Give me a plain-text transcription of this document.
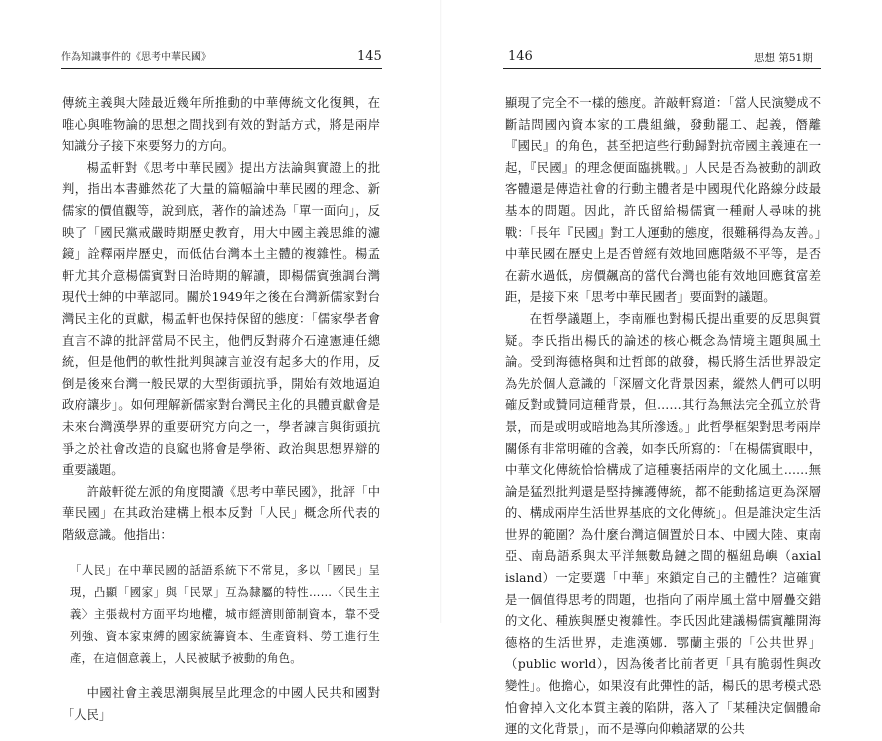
作為知識事件的《思考中華民國》	145

傳統主義與大陸最近幾年所推動的中華傳統文化復興，在唯心與唯物論的思想之間找到有效的對話方式，將是兩岸知識分子接下來要努力的方向。

楊孟軒對《思考中華民國》提出方法論與實證上的批判，指出本書雖然花了大量的篇幅論中華民國的理念、新儒家的價值觀等，說到底，著作的論述為「單一面向」，反映了「國民黨戒嚴時期歷史教育，用大中國主義思維的濾鏡」詮釋兩岸歷史，而低估台灣本土主體的複雜性。楊孟軒尤其介意楊儒賓對日治時期的解讀，即楊儒賓強調台灣現代士紳的中華認同。關於1949年之後在台灣新儒家對台灣民主化的貢獻，楊孟軒也保持保留的態度：「儒家學者會直言不諱的批評當局不民主，他們反對蔣介石違憲連任總統，但是他們的軟性批判與諫言並沒有起多大的作用，反倒是後來台灣一般民眾的大型街頭抗爭，開始有效地逼迫政府讓步」。如何理解新儒家對台灣民主化的具體貢獻會是未來台灣漢學界的重要研究方向之一，學者諫言與街頭抗爭之於社會改造的良窳也將會是學術、政治與思想界辯的重要議題。

許敲軒從左派的角度閱讀《思考中華民國》，批評「中華民國」在其政治建構上根本反對「人民」概念所代表的階級意識。他指出：

「人民」在中華民國的話語系統下不常見，多以「國民」呈現，凸顯「國家」與「民眾」互為隸屬的特性……〈民生主義〉主張裁村方面平均地權，城市經濟則節制資本，靠不受列強、資本家束縛的國家統籌資本、生產資料、勞工進行生產，在這個意義上，人民被賦予被動的角色。

中國社會主義思潮與展呈此理念的中國人民共和國對「人民」

146	思想 第51期

顯現了完全不一樣的態度。許敲軒寫道：「當人民演變成不斷詰問國內資本家的工農組織，發動罷工、起義，僭離『國民』的角色，甚至把這些行動歸對抗帝國主義連在一起，『民國』的理念便面臨挑戰。」人民是否為被動的訓政客體還是傳造社會的行動主體者是中國現代化路線分歧最基本的問題。因此，許氏留給楊儒賓一種耐人尋味的挑戰：「長年『民國』對工人運動的態度，很難稱得為友善。」中華民國在歷史上是否曾經有效地回應階級不平等，是否在薪水過低，房價飆高的當代台灣也能有效地回應貧富差距，是接下來「思考中華民國者」要面對的議題。

在哲學議題上，李南雁也對楊氏提出重要的反思與質疑。李氏指出楊氏的論述的核心概念為情境主題與風土論。受到海德格與和辻哲郎的啟發，楊氏將生活世界設定為先於個人意識的「深層文化背景因素，縱然人們可以明確反對或贊同這種背景，但……其行為無法完全孤立於背景，而是或明或暗地為其所滲透。」此哲學框架對思考兩岸關係有非常明確的含義，如李氏所寫的：「在楊儒賓眼中，中華文化傳統恰恰構成了這種裹括兩岸的文化風土……無論是猛烈批判還是堅持擁護傳統，都不能動搖這更為深層的、構成兩岸生活世界基底的文化傳統」。但是誰決定生活世界的範圍？為什麼台灣這個置於日本、中國大陸、東南亞、南島語系與太平洋無數島鏈之間的樞紐島嶼（axial island）一定要選「中華」來鎖定自己的主體性？這確實是一個值得思考的問題，也指向了兩岸風土當中層疊交錯的文化、種族與歷史複雜性。李氏因此建議楊儒賓離開海德格的生活世界，走進漢娜．鄂蘭主張的「公共世界」（public world），因為後者比前者更「具有脆弱性與改變性」。他擔心，如果沒有此彈性的話，楊氏的思考模式恐怕會掉入文化本質主義的陷阱，落入了「某種決定個體命運的文化背景」，而不是導向仰賴諸眾的公共
